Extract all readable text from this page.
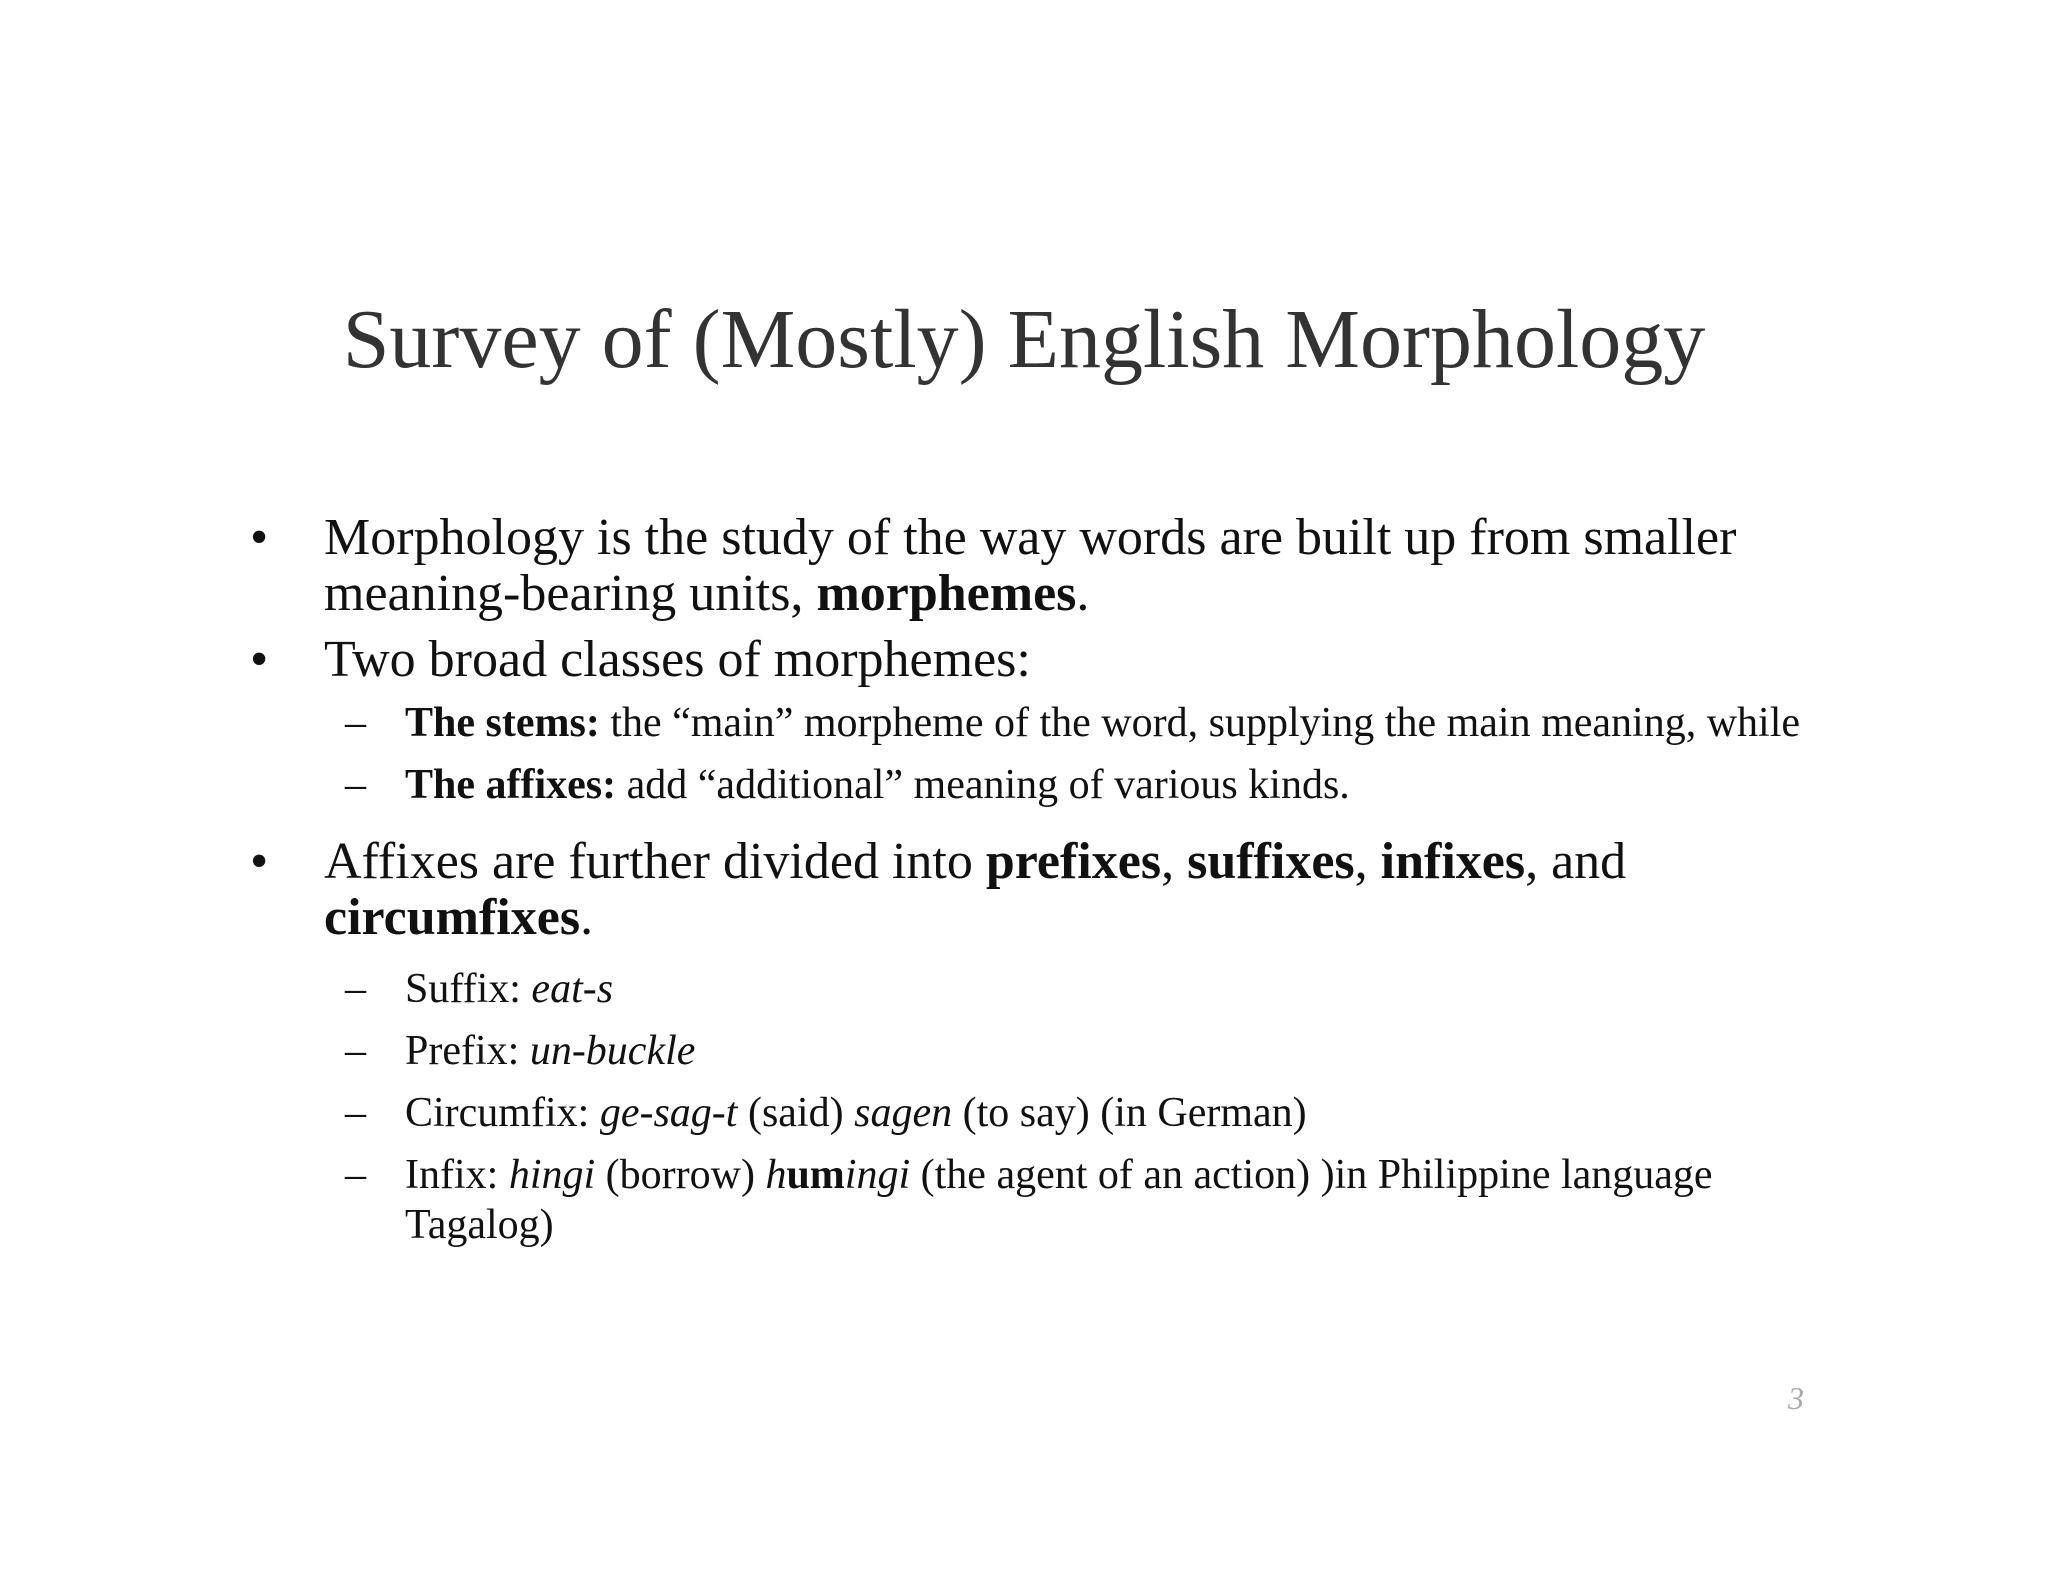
Survey of (Mostly) English Morphology
• Morphology is the study of the way words are built up from smaller meaning-bearing units, morphemes.
• Two broad classes of morphemes:
– The stems: the “main” morpheme of the word, supplying the main meaning, while
– The affixes: add “additional” meaning of various kinds.
• Affixes are further divided into prefixes, suffixes, infixes, and circumfixes.
– Suffix: eat-s
– Prefix: un-buckle
– Circumfix: ge-sag-t (said) sagen (to say) (in German)
– Infix: hingi (borrow) humingi (the agent of an action) )in Philippine language Tagalog)
3
